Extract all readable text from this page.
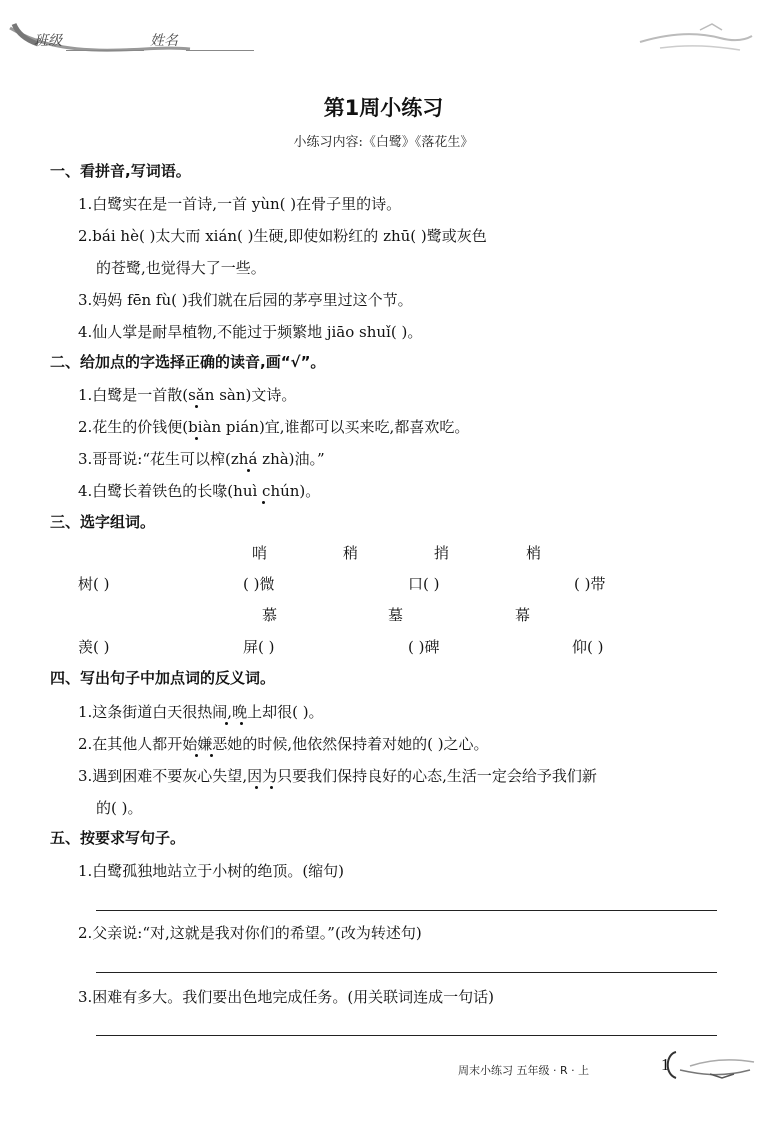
班级	姓名
第1周小练习
小练习内容:《白鹭》《落花生》
一、看拼音,写词语。
1.白鹭实在是一首诗,一首 yùn( )在骨子里的诗。
2.bái hè( )太大而 xián( )生硬,即使如粉红的 zhū( )鹭或灰色
的苍鹭,也觉得大了一些。
3.妈妈 fēn fù( )我们就在后园的茅亭里过这个节。
4.仙人掌是耐旱植物,不能过于频繁地 jiāo shuǐ( )。
二、给加点的字选择正确的读音,画“√”。
1.白鹭是一首散(sǎn sàn)文诗。
2.花生的价钱便(biàn pián)宜,谁都可以买来吃,都喜欢吃。
3.哥哥说:“花生可以榨(zhá zhà)油。”
4.白鹭长着铁色的长喙(huì chún)。
三、选字组词。
哨	稍	捎	梢
树( )	( )微	口( )	( )带
慕	墓	幕
羡( )	屏( )	( )碑	仰( )
四、写出句子中加点词的反义词。
1.这条街道白天很热闹,晚上却很( )。
2.在其他人都开始嫌恶她的时候,他依然保持着对她的( )之心。
3.遇到困难不要灰心失望,因为只要我们保持良好的心态,生活一定会给予我们新
的( )。
五、按要求写句子。
1.白鹭孤独地站立于小树的绝顶。(缩句)
2.父亲说:“对,这就是我对你们的希望。”(改为转述句)
3.困难有多大。我们要出色地完成任务。(用关联词连成一句话)
周末小练习 五年级 · R · 上	1
